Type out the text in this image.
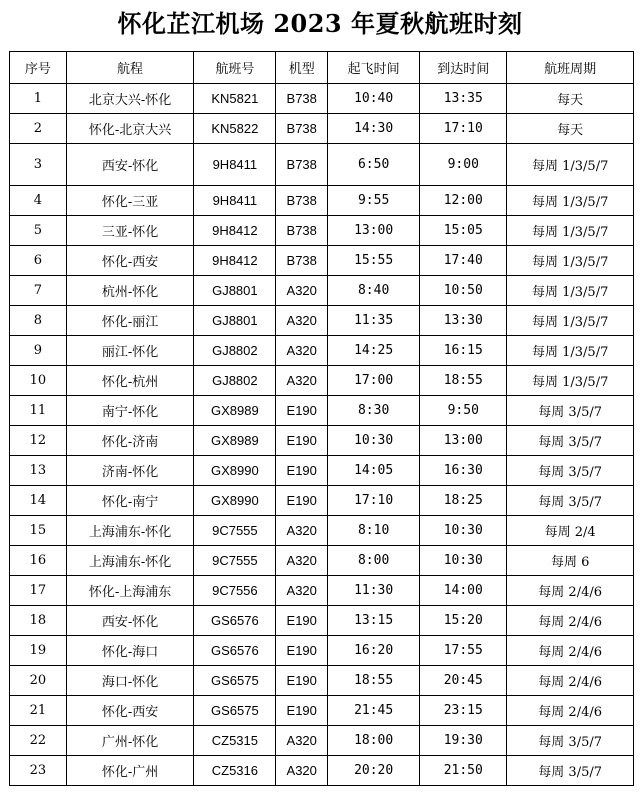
怀化芷江机场 2023 年夏秋航班时刻
序号	航程	航班号	机型	起飞时间	到达时间	航班周期
1	北京大兴-怀化	KN5821	B738	10:40	13:35	每天
2	怀化-北京大兴	KN5822	B738	14:30	17:10	每天
3	西安-怀化	9H8411	B738	6:50	9:00	每周 1/3/5/7
4	怀化-三亚	9H8411	B738	9:55	12:00	每周 1/3/5/7
5	三亚-怀化	9H8412	B738	13:00	15:05	每周 1/3/5/7
6	怀化-西安	9H8412	B738	15:55	17:40	每周 1/3/5/7
7	杭州-怀化	GJ8801	A320	8:40	10:50	每周 1/3/5/7
8	怀化-丽江	GJ8801	A320	11:35	13:30	每周 1/3/5/7
9	丽江-怀化	GJ8802	A320	14:25	16:15	每周 1/3/5/7
10	怀化-杭州	GJ8802	A320	17:00	18:55	每周 1/3/5/7
11	南宁-怀化	GX8989	E190	8:30	9:50	每周 3/5/7
12	怀化-济南	GX8989	E190	10:30	13:00	每周 3/5/7
13	济南-怀化	GX8990	E190	14:05	16:30	每周 3/5/7
14	怀化-南宁	GX8990	E190	17:10	18:25	每周 3/5/7
15	上海浦东-怀化	9C7555	A320	8:10	10:30	每周 2/4
16	上海浦东-怀化	9C7555	A320	8:00	10:30	每周 6
17	怀化-上海浦东	9C7556	A320	11:30	14:00	每周 2/4/6
18	西安-怀化	GS6576	E190	13:15	15:20	每周 2/4/6
19	怀化-海口	GS6576	E190	16:20	17:55	每周 2/4/6
20	海口-怀化	GS6575	E190	18:55	20:45	每周 2/4/6
21	怀化-西安	GS6575	E190	21:45	23:15	每周 2/4/6
22	广州-怀化	CZ5315	A320	18:00	19:30	每周 3/5/7
23	怀化-广州	CZ5316	A320	20:20	21:50	每周 3/5/7
